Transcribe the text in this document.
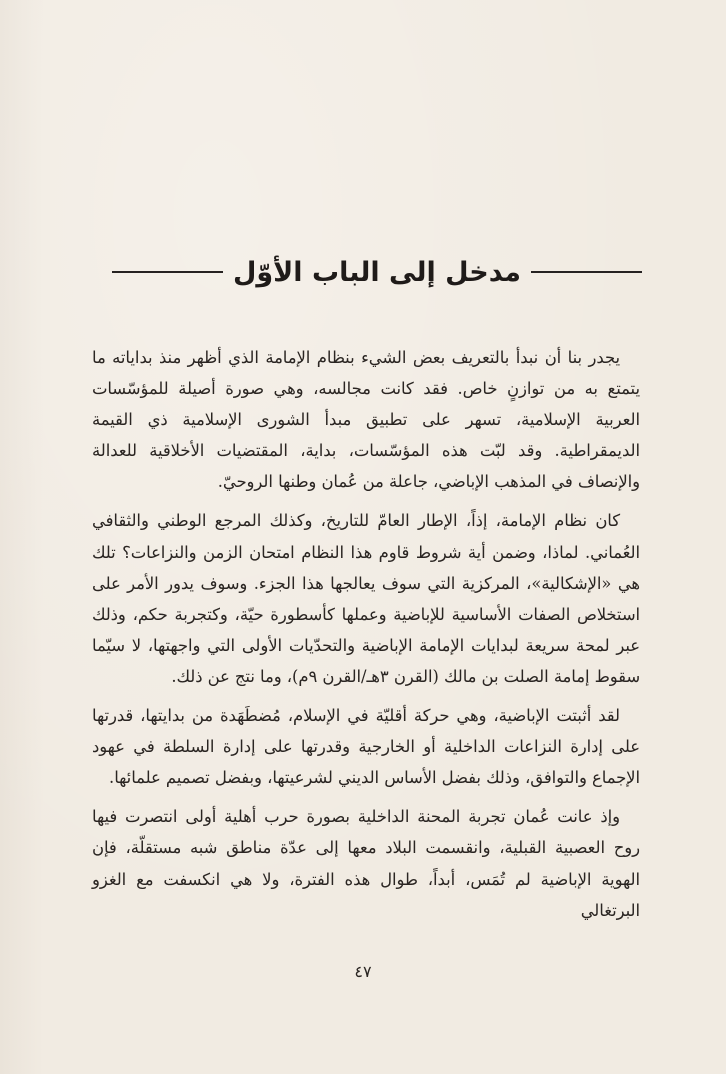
مدخل إلى الباب الأوّل

يجدر بنا أن نبدأ بالتعريف بعض الشيء بنظام الإمامة الذي أظهر منذ بداياته ما يتمتع به من توازنٍ خاص. فقد كانت مجالسه، وهي صورة أصيلة للمؤسّسات العربية الإسلامية، تسهر على تطبيق مبدأ الشورى الإسلامية ذي القيمة الديمقراطية. وقد لبّت هذه المؤسّسات، بداية، المقتضيات الأخلاقية للعدالة والإنصاف في المذهب الإباضي، جاعلة من عُمان وطنها الروحيّ.

كان نظام الإمامة، إذاً، الإطار العامّ للتاريخ، وكذلك المرجع الوطني والثقافي العُماني. لماذا، وضمن أية شروط قاوم هذا النظام امتحان الزمن والنزاعات؟ تلك هي «الإشكالية»، المركزية التي سوف يعالجها هذا الجزء. وسوف يدور الأمر على استخلاص الصفات الأساسية للإباضية وعملها كأسطورة حيّة، وكتجربة حكم، وذلك عبر لمحة سريعة لبدايات الإمامة الإباضية والتحدّيات الأولى التي واجهتها، لا سيّما سقوط إمامة الصلت بن مالك (القرن ٣هـ/القرن ٩م)، وما نتج عن ذلك.

لقد أثبتت الإباضية، وهي حركة أقليّة في الإسلام، مُضطَهَدة من بدايتها، قدرتها على إدارة النزاعات الداخلية أو الخارجية وقدرتها على إدارة السلطة في عهود الإجماع والتوافق، وذلك بفضل الأساس الديني لشرعيتها، وبفضل تصميم علمائها.

وإذ عانت عُمان تجربة المحنة الداخلية بصورة حرب أهلية أولى انتصرت فيها روح العصبية القبلية، وانقسمت البلاد معها إلى عدّة مناطق شبه مستقلّة، فإن الهوية الإباضية لم تُمَس، أبداً، طوال هذه الفترة، ولا هي انكسفت مع الغزو البرتغالي

٤٧
